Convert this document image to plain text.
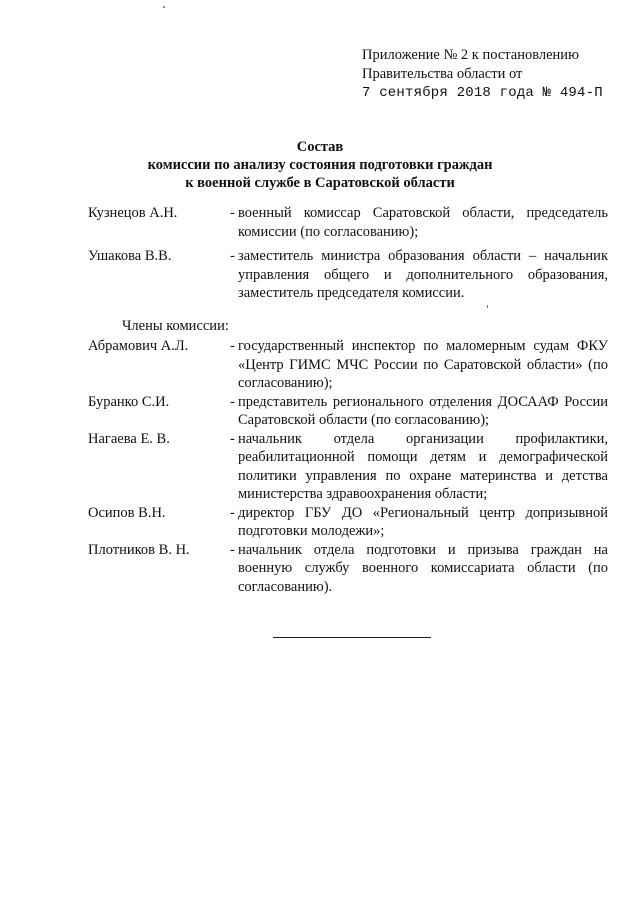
Приложение № 2 к постановлению
Правительства области от
7 сентября 2018 года № 494-П
Состав
комиссии по анализу состояния подготовки граждан
к военной службе в Саратовской области
Кузнецов А.Н.	- военный комиссар Саратовской области, председатель комиссии (по согласованию);
Ушакова В.В.	- заместитель министра образования области – начальник управления общего и дополнительного образования, заместитель председателя комиссии.
Члены комиссии:
Абрамович А.Л.	- государственный инспектор по маломерным судам ФКУ «Центр ГИМС МЧС России по Саратовской области» (по согласованию);
Буранко С.И.	- представитель регионального отделения ДОСААФ России Саратовской области (по согласованию);
Нагаева Е. В.	- начальник отдела организации профилактики, реабилитационной помощи детям и демографической политики управления по охране материнства и детства министерства здравоохранения области;
Осипов В.Н.	- директор ГБУ ДО «Региональный центр допризывной подготовки молодежи»;
Плотников В. Н.	- начальник отдела подготовки и призыва граждан на военную службу военного комиссариата области (по согласованию).
